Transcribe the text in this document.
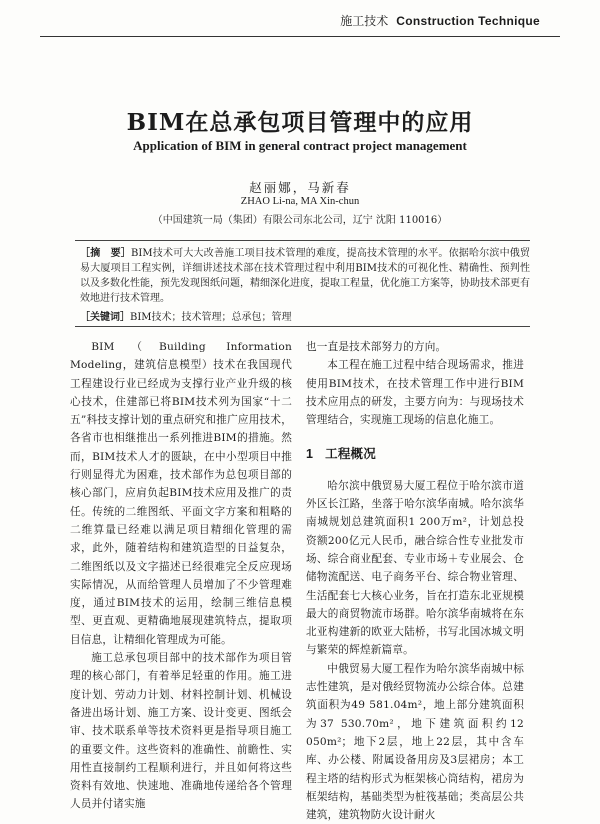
施工技术 Construction Technique
BIM在总承包项目管理中的应用
Application of BIM in general contract project management
赵丽娜，马新春
ZHAO Li-na, MA Xin-chun
（中国建筑一局（集团）有限公司东北公司，辽宁 沈阳 110016）
［摘　要］BIM技术可大大改善施工项目技术管理的难度，提高技术管理的水平。依据哈尔滨中俄贸易大厦项目工程实例，详细讲述技术部在技术管理过程中利用BIM技术的可视化性、精确性、预判性以及多数化性能，预先发现图纸问题，精细深化进度，提取工程量，优化施工方案等，协助技术部更有效地进行技术管理。
［关键词］BIM技术；技术管理；总承包；管理

BIM（Building Information Modeling，建筑信息模型）技术在我国现代工程建设行业已经成为支撑行业产业升级的核心技术，住建部已将BIM技术列为国家“十二五”科技支撑计划的重点研究和推广应用技术，各省市也相继推出一系列推进BIM的措施。然而，BIM技术人才的匮缺，在中小型项目中推行则显得尤为困难，技术部作为总包项目部的核心部门，应肩负起BIM技术应用及推广的责任。传统的二维图纸、平面文字方案和粗略的二维算量已经难以满足项目精细化管理的需求，此外，随着结构和建筑造型的日益复杂，二维图纸以及文字描述已经很难完全反应现场实际情况，从而给管理人员增加了不少管理难度，通过BIM技术的运用，绘制三维信息模型、更直观、更精确地展现建筑特点，提取项目信息，让精细化管理成为可能。

施工总承包项目部中的技术部作为项目管理的核心部门，有着举足轻重的作用。施工进度计划、劳动力计划、材料控制计划、机械设备进出场计划、施工方案、设计变更、图纸会审、技术联系单等技术资料更是指导项目施工的重要文件。这些资料的准确性、前瞻性、实用性直接制约工程顺利进行，并且如何将这些资料有效地、快速地、准确地传递给各个管理人员并付诸实施

也一直是技术部努力的方向。

本工程在施工过程中结合现场需求，推进使用BIM技术，在技术管理工作中进行BIM技术应用点的研发，主要方向为：与现场技术管理结合，实现施工现场的信息化施工。

1 工程概况

哈尔滨中俄贸易大厦工程位于哈尔滨市道外区长江路，坐落于哈尔滨华南城。哈尔滨华南城规划总建筑面积1 200万m²，计划总投资额200亿元人民币，融合综合性专业批发市场、综合商业配套、专业市场＋专业展会、仓储物流配送、电子商务平台、综合物业管理、生活配套七大核心业务，旨在打造东北亚规模最大的商贸物流市场群。哈尔滨华南城将在东北亚构建新的欧亚大陆桥，书写北国冰城文明与繁荣的辉煌新篇章。

中俄贸易大厦工程作为哈尔滨华南城中标志性建筑，是对俄经贸物流办公综合体。总建筑面积为49 581.04m²，地上部分建筑面积为37 530.70m²，地下建筑面积约12 050m²；地下2层，地上22层，其中含车库、办公楼、附属设备用房及3层裙房；本工程主塔的结构形式为框架核心筒结构，裙房为框架结构，基础类型为桩筏基础；类高层公共建筑，建筑物防火设计耐火
